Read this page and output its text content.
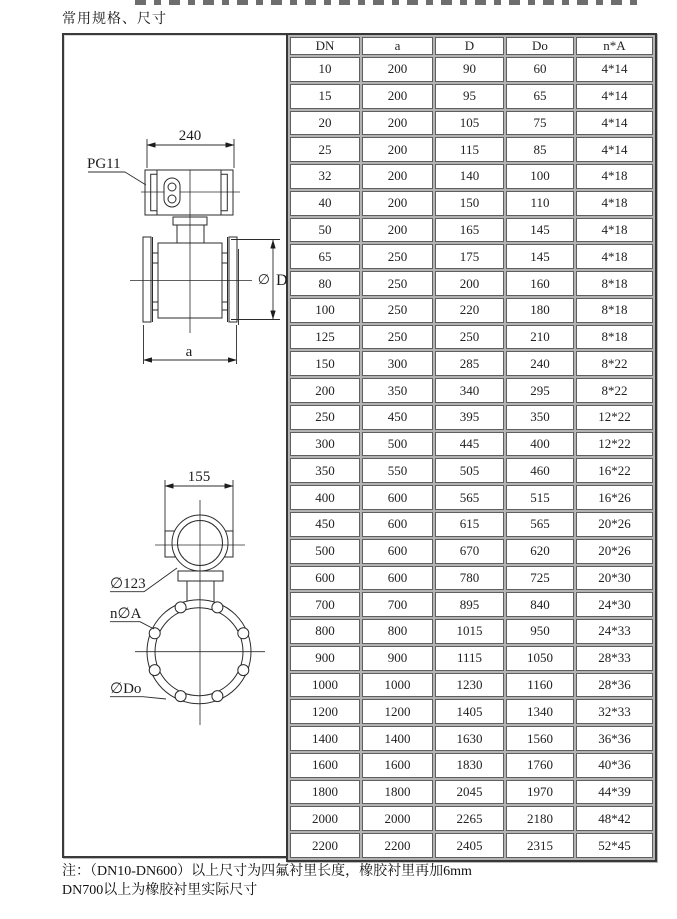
常用规格、尺寸
DN	a	D	Do	n*A
10	200	90	60	4*14
15	200	95	65	4*14
20	200	105	75	4*14
25	200	115	85	4*14
32	200	140	100	4*18
40	200	150	110	4*18
50	200	165	145	4*18
65	250	175	145	4*18
80	250	200	160	8*18
100	250	220	180	8*18
125	250	250	210	8*18
150	300	285	240	8*22
200	350	340	295	8*22
250	450	395	350	12*22
300	500	445	400	12*22
350	550	505	460	16*22
400	600	565	515	16*26
450	600	615	565	20*26
500	600	670	620	20*26
600	600	780	725	20*30
700	700	895	840	24*30
800	800	1015	950	24*33
900	900	1115	1050	28*33
1000	1000	1230	1160	28*36
1200	1200	1405	1340	32*33
1400	1400	1630	1560	36*36
1600	1600	1830	1760	40*36
1800	1800	2045	1970	44*39
2000	2000	2265	2180	48*42
2200	2200	2405	2315	52*45
240
PG11
∅ D
a
155
∅123
n∅A
∅Do
注：（DN10-DN600）以上尺寸为四氟衬里长度，橡胶衬里再加6mm
DN700以上为橡胶衬里实际尺寸
